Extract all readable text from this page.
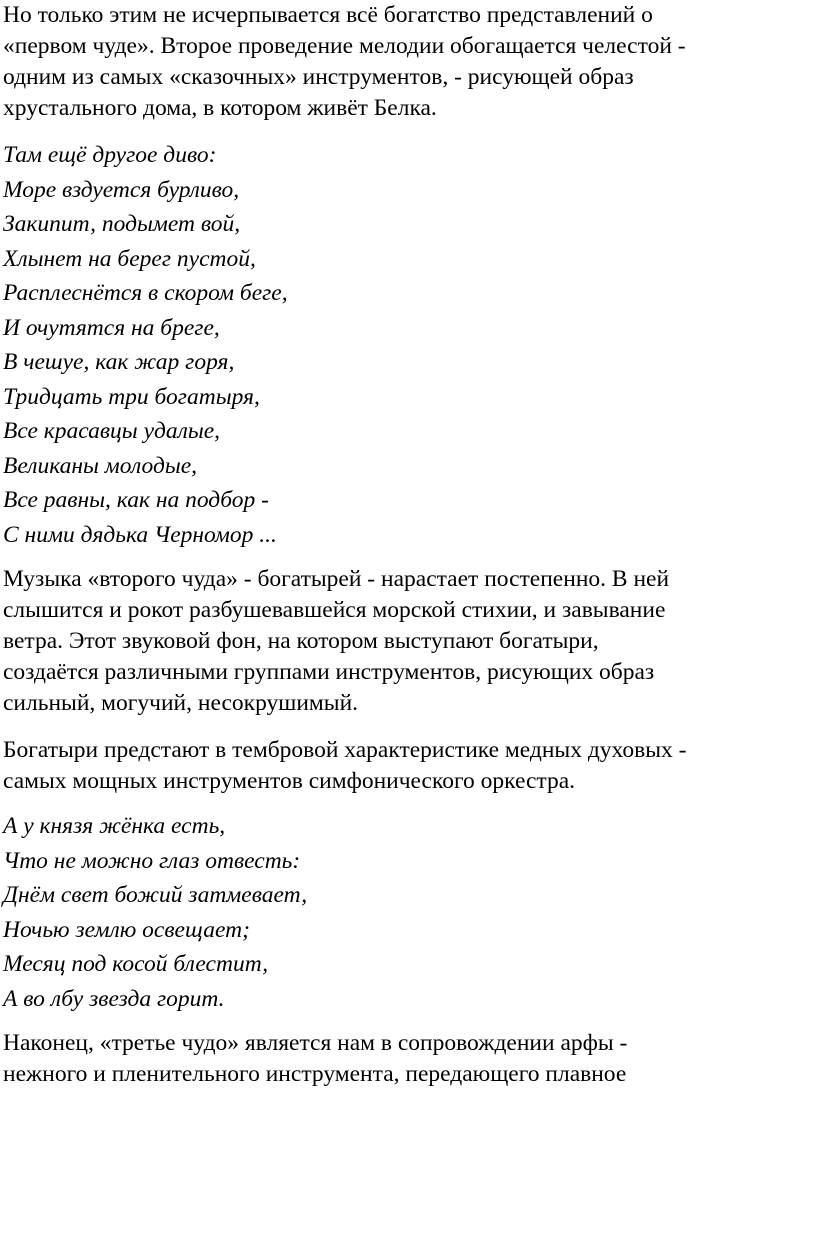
Но только этим не исчерпывается всё богатство представлений о
«первом чуде». Второе проведение мелодии обогащается челестой -
одним из самых «сказочных» инструментов, - рисующей образ
хрустального дома, в котором живёт Белка.

Там ещё другое диво:
Море вздуется бурливо,
Закипит, подымет вой,
Хлынет на берег пустой,
Расплеснётся в скором беге,
И очутятся на бреге,
В чешуе, как жар горя,
Тридцать три богатыря,
Все красавцы удалые,
Великаны молодые,
Все равны, как на подбор -
С ними дядька Черномор ...

Музыка «второго чуда» - богатырей - нарастает постепенно. В ней
слышится и рокот разбушевавшейся морской стихии, и завывание
ветра. Этот звуковой фон, на котором выступают богатыри,
создаётся различными группами инструментов, рисующих образ
сильный, могучий, несокрушимый.

Богатыри предстают в тембровой характеристике медных духовых -
самых мощных инструментов симфонического оркестра.

А у князя жёнка есть,
Что не можно глаз отвесть:
Днём свет божий затмевает,
Ночью землю освещает;
Месяц под косой блестит,
А во лбу звезда горит.

Наконец, «третье чудо» является нам в сопровождении арфы -
нежного и пленительного инструмента, передающего плавное
